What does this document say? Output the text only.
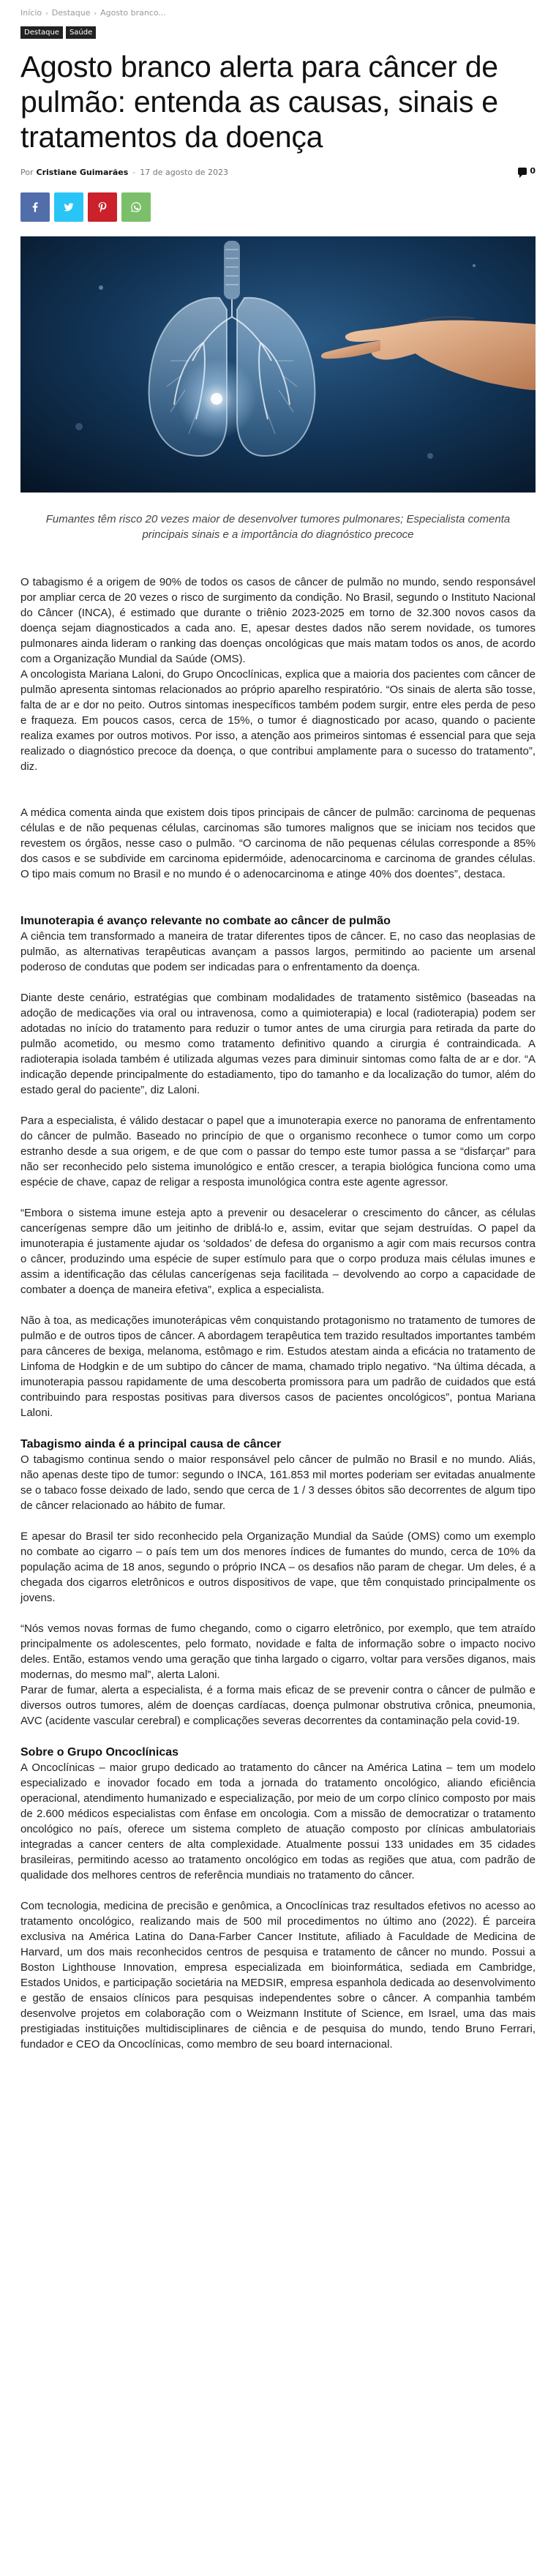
Início › Destaque › Agosto branco...
Destaque	Saúde
Agosto branco alerta para câncer de pulmão: entenda as causas, sinais e tratamentos da doença
Por Cristiane Guimarães - 17 de agosto de 2023	0

Fumantes têm risco 20 vezes maior de desenvolver tumores pulmonares; Especialista comenta principais sinais e a importância do diagnóstico precoce

O tabagismo é a origem de 90% de todos os casos de câncer de pulmão no mundo, sendo responsável por ampliar cerca de 20 vezes o risco de surgimento da condição. No Brasil, segundo o Instituto Nacional do Câncer (INCA), é estimado que durante o triênio 2023-2025 em torno de 32.300 novos casos da doença sejam diagnosticados a cada ano. E, apesar destes dados não serem novidade, os tumores pulmonares ainda lideram o ranking das doenças oncológicas que mais matam todos os anos, de acordo com a Organização Mundial da Saúde (OMS).

A oncologista Mariana Laloni, do Grupo Oncoclínicas, explica que a maioria dos pacientes com câncer de pulmão apresenta sintomas relacionados ao próprio aparelho respiratório. “Os sinais de alerta são tosse, falta de ar e dor no peito. Outros sintomas inespecíficos também podem surgir, entre eles perda de peso e fraqueza. Em poucos casos, cerca de 15%, o tumor é diagnosticado por acaso, quando o paciente realiza exames por outros motivos. Por isso, a atenção aos primeiros sintomas é essencial para que seja realizado o diagnóstico precoce da doença, o que contribui amplamente para o sucesso do tratamento”, diz.

A médica comenta ainda que existem dois tipos principais de câncer de pulmão: carcinoma de pequenas células e de não pequenas células, carcinomas são tumores malignos que se iniciam nos tecidos que revestem os órgãos, nesse caso o pulmão. “O carcinoma de não pequenas células corresponde a 85% dos casos e se subdivide em carcinoma epidermóide, adenocarcinoma e carcinoma de grandes células. O tipo mais comum no Brasil e no mundo é o adenocarcinoma e atinge 40% dos doentes”, destaca.

Imunoterapia é avanço relevante no combate ao câncer de pulmão

A ciência tem transformado a maneira de tratar diferentes tipos de câncer. E, no caso das neoplasias de pulmão, as alternativas terapêuticas avançam a passos largos, permitindo ao paciente um arsenal poderoso de condutas que podem ser indicadas para o enfrentamento da doença.

Diante deste cenário, estratégias que combinam modalidades de tratamento sistêmico (baseadas na adoção de medicações via oral ou intravenosa, como a quimioterapia) e local (radioterapia) podem ser adotadas no início do tratamento para reduzir o tumor antes de uma cirurgia para retirada da parte do pulmão acometido, ou mesmo como tratamento definitivo quando a cirurgia é contraindicada. A radioterapia isolada também é utilizada algumas vezes para diminuir sintomas como falta de ar e dor. “A indicação depende principalmente do estadiamento, tipo do tamanho e da localização do tumor, além do estado geral do paciente”, diz Laloni.

Para a especialista, é válido destacar o papel que a imunoterapia exerce no panorama de enfrentamento do câncer de pulmão. Baseado no princípio de que o organismo reconhece o tumor como um corpo estranho desde a sua origem, e de que com o passar do tempo este tumor passa a se “disfarçar” para não ser reconhecido pelo sistema imunológico e então crescer, a terapia biológica funciona como uma espécie de chave, capaz de religar a resposta imunológica contra este agente agressor.

“Embora o sistema imune esteja apto a prevenir ou desacelerar o crescimento do câncer, as células cancerígenas sempre dão um jeitinho de driblá-lo e, assim, evitar que sejam destruídas. O papel da imunoterapia é justamente ajudar os ‘soldados’ de defesa do organismo a agir com mais recursos contra o câncer, produzindo uma espécie de super estímulo para que o corpo produza mais células imunes e assim a identificação das células cancerígenas seja facilitada – devolvendo ao corpo a capacidade de combater a doença de maneira efetiva”, explica a especialista.

Não à toa, as medicações imunoterápicas vêm conquistando protagonismo no tratamento de tumores de pulmão e de outros tipos de câncer. A abordagem terapêutica tem trazido resultados importantes também para cânceres de bexiga, melanoma, estômago e rim. Estudos atestam ainda a eficácia no tratamento de Linfoma de Hodgkin e de um subtipo do câncer de mama, chamado triplo negativo. “Na última década, a imunoterapia passou rapidamente de uma descoberta promissora para um padrão de cuidados que está contribuindo para respostas positivas para diversos casos de pacientes oncológicos”, pontua Mariana Laloni.

Tabagismo ainda é a principal causa de câncer

O tabagismo continua sendo o maior responsável pelo câncer de pulmão no Brasil e no mundo. Aliás, não apenas deste tipo de tumor: segundo o INCA, 161.853 mil mortes poderiam ser evitadas anualmente se o tabaco fosse deixado de lado, sendo que cerca de 1 / 3 desses óbitos são decorrentes de algum tipo de câncer relacionado ao hábito de fumar.

E apesar do Brasil ter sido reconhecido pela Organização Mundial da Saúde (OMS) como um exemplo no combate ao cigarro – o país tem um dos menores índices de fumantes do mundo, cerca de 10% da população acima de 18 anos, segundo o próprio INCA – os desafios não param de chegar. Um deles, é a chegada dos cigarros eletrônicos e outros dispositivos de vape, que têm conquistado principalmente os jovens.

“Nós vemos novas formas de fumo chegando, como o cigarro eletrônico, por exemplo, que tem atraído principalmente os adolescentes, pelo formato, novidade e falta de informação sobre o impacto nocivo deles. Então, estamos vendo uma geração que tinha largado o cigarro, voltar para versões diganos, mais modernas, do mesmo mal”, alerta Laloni.

Parar de fumar, alerta a especialista, é a forma mais eficaz de se prevenir contra o câncer de pulmão e diversos outros tumores, além de doenças cardíacas, doença pulmonar obstrutiva crônica, pneumonia, AVC (acidente vascular cerebral) e complicações severas decorrentes da contaminação pela covid-19.

Sobre o Grupo Oncoclínicas

A Oncoclínicas – maior grupo dedicado ao tratamento do câncer na América Latina – tem um modelo especializado e inovador focado em toda a jornada do tratamento oncológico, aliando eficiência operacional, atendimento humanizado e especialização, por meio de um corpo clínico composto por mais de 2.600 médicos especialistas com ênfase em oncologia. Com a missão de democratizar o tratamento oncológico no país, oferece um sistema completo de atuação composto por clínicas ambulatoriais integradas a cancer centers de alta complexidade. Atualmente possui 133 unidades em 35 cidades brasileiras, permitindo acesso ao tratamento oncológico em todas as regiões que atua, com padrão de qualidade dos melhores centros de referência mundiais no tratamento do câncer.

Com tecnologia, medicina de precisão e genômica, a Oncoclínicas traz resultados efetivos no acesso ao tratamento oncológico, realizando mais de 500 mil procedimentos no último ano (2022). É parceira exclusiva na América Latina do Dana-Farber Cancer Institute, afiliado à Faculdade de Medicina de Harvard, um dos mais reconhecidos centros de pesquisa e tratamento de câncer no mundo. Possui a Boston Lighthouse Innovation, empresa especializada em bioinformática, sediada em Cambridge, Estados Unidos, e participação societária na MEDSIR, empresa espanhola dedicada ao desenvolvimento e gestão de ensaios clínicos para pesquisas independentes sobre o câncer. A companhia também desenvolve projetos em colaboração com o Weizmann Institute of Science, em Israel, uma das mais prestigiadas instituições multidisciplinares de ciência e de pesquisa do mundo, tendo Bruno Ferrari, fundador e CEO da Oncoclínicas, como membro de seu board internacional.
